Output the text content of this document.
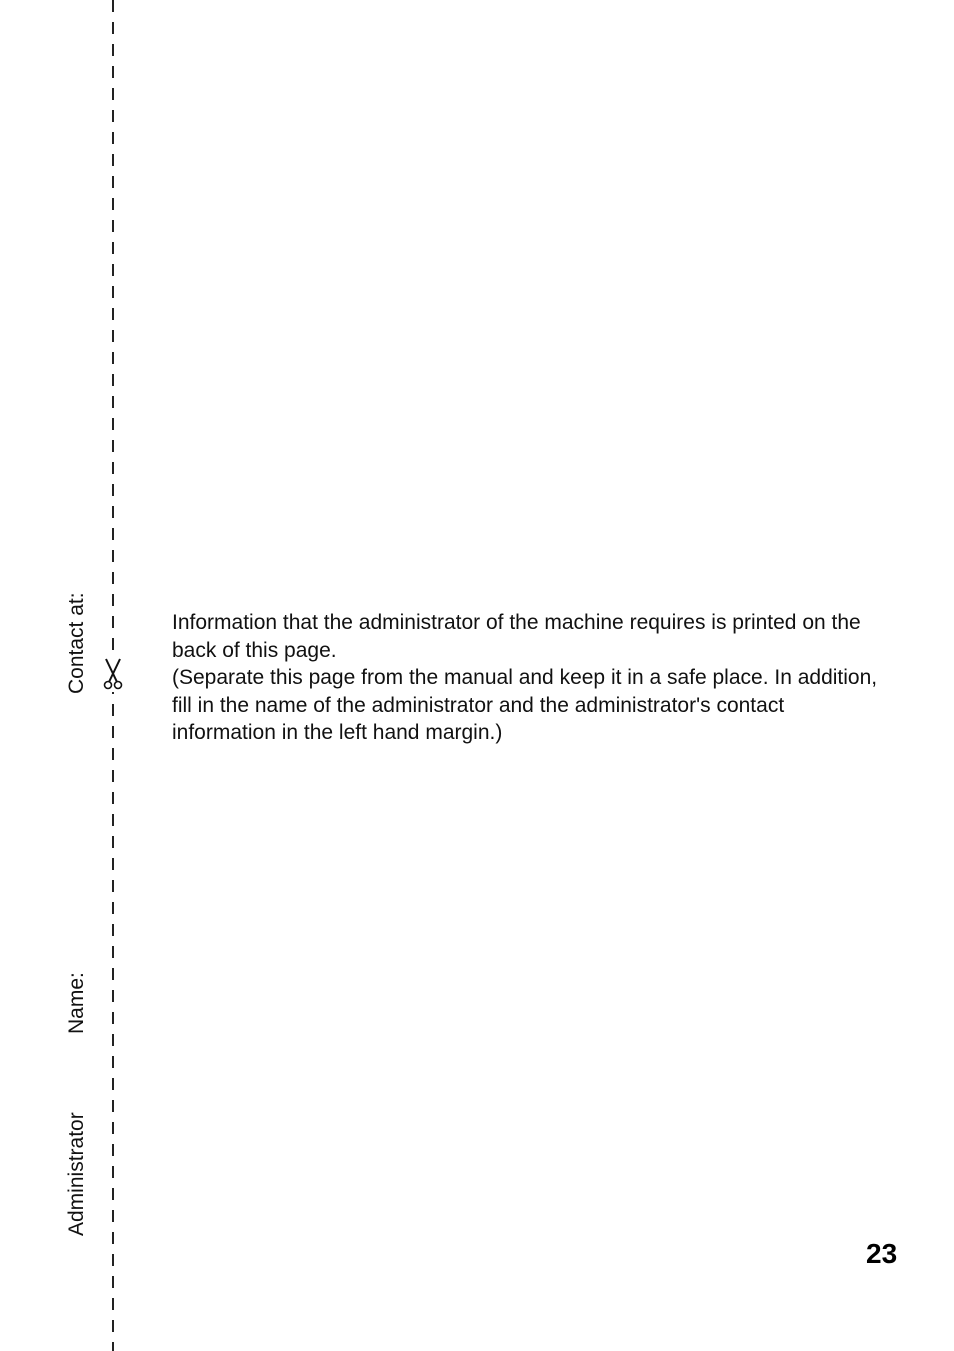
Contact at:
Name:
Administrator

Information that the administrator of the machine requires is printed on the back of this page.

(Separate this page from the manual and keep it in a safe place. In addition, fill in the name of the administrator and the administrator's contact information in the left hand margin.)

23
